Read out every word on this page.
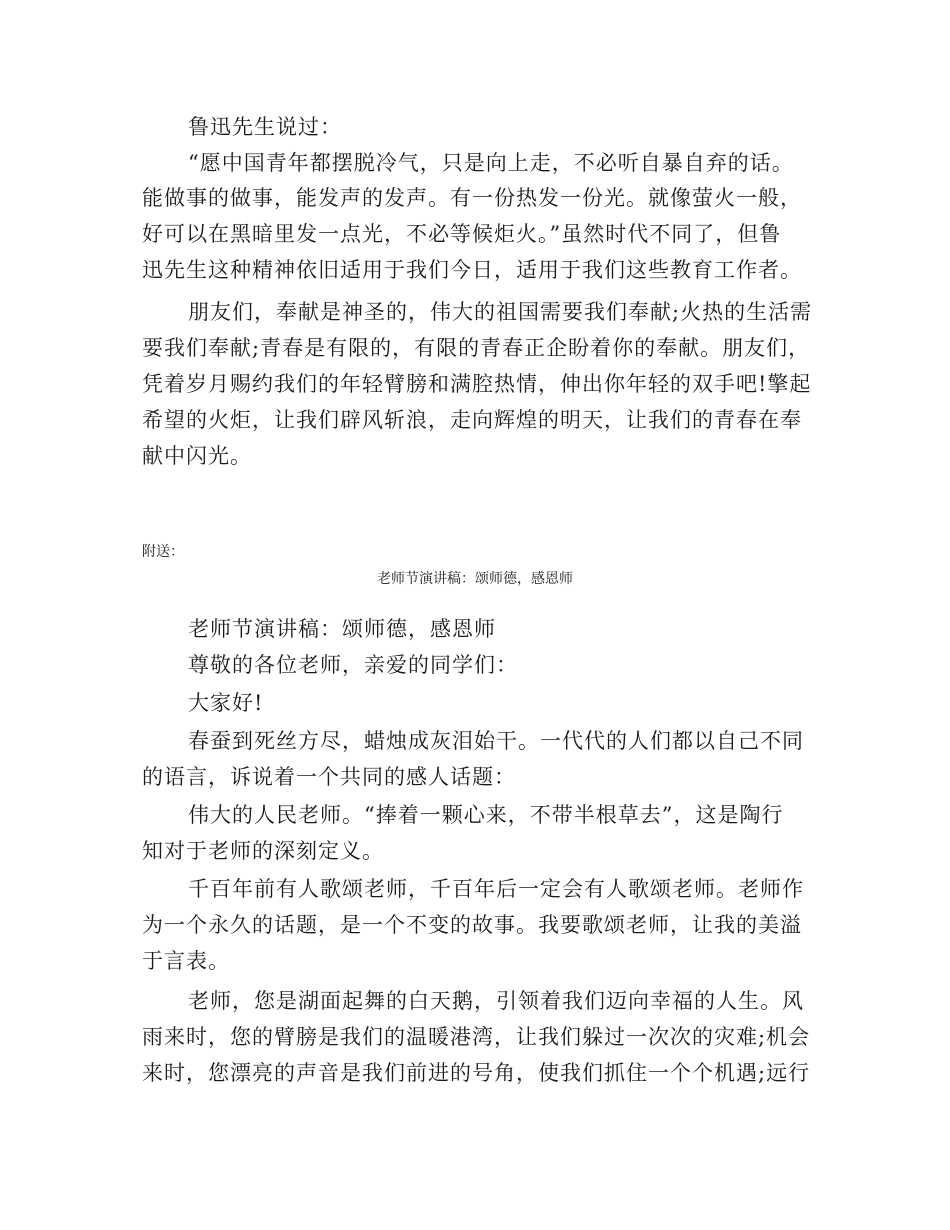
鲁迅先生说过：
“愿中国青年都摆脱冷气，只是向上走，不必听自暴自弃的话。
能做事的做事，能发声的发声。有一份热发一份光。就像萤火一般，
好可以在黑暗里发一点光，不必等候炬火。”虽然时代不同了，但鲁
迅先生这种精神依旧适用于我们今日，适用于我们这些教育工作者。
朋友们，奉献是神圣的，伟大的祖国需要我们奉献;火热的生活需
要我们奉献;青春是有限的，有限的青春正企盼着你的奉献。朋友们，
凭着岁月赐约我们的年轻臂膀和满腔热情，伸出你年轻的双手吧!擎起
希望的火炬，让我们辟风斩浪，走向辉煌的明天，让我们的青春在奉
献中闪光。
附送：
老师节演讲稿：颂师德，感恩师
老师节演讲稿：颂师德，感恩师
尊敬的各位老师，亲爱的同学们：
大家好!
春蚕到死丝方尽，蜡烛成灰泪始干。一代代的人们都以自己不同
的语言，诉说着一个共同的感人话题：
伟大的人民老师。“捧着一颗心来，不带半根草去”，这是陶行
知对于老师的深刻定义。
千百年前有人歌颂老师，千百年后一定会有人歌颂老师。老师作
为一个永久的话题，是一个不变的故事。我要歌颂老师，让我的美溢
于言表。
老师，您是湖面起舞的白天鹅，引领着我们迈向幸福的人生。风
雨来时，您的臂膀是我们的温暖港湾，让我们躲过一次次的灾难;机会
来时，您漂亮的声音是我们前进的号角，使我们抓住一个个机遇;远行
